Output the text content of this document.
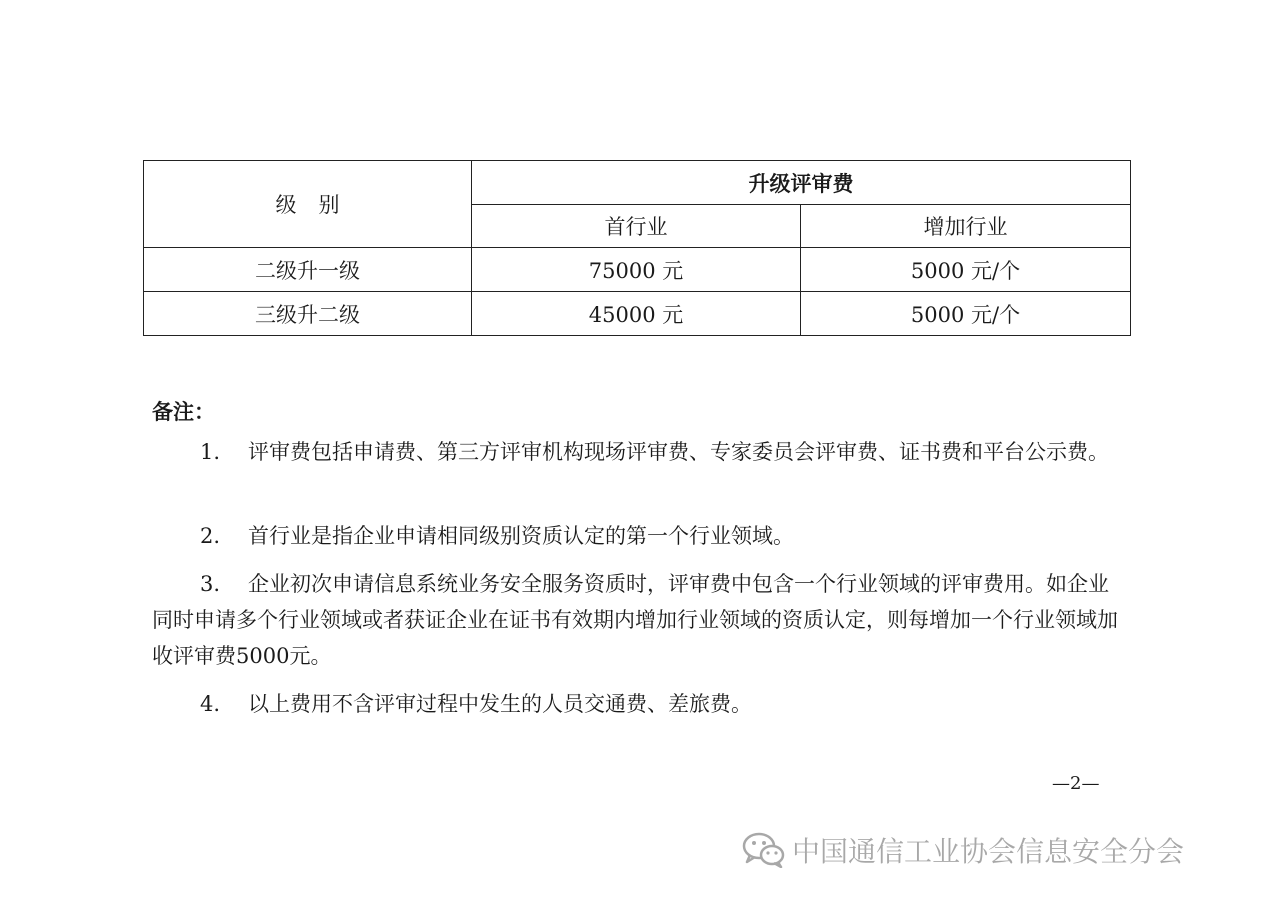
级别	升级评审费	
	首行业	增加行业
二级升一级	75000 元	5000 元/个
三级升二级	45000 元	5000 元/个
备注：
1. 评审费包括申请费、第三方评审机构现场评审费、专家委员会评审费、证书费和平台公示费。
2. 首行业是指企业申请相同级别资质认定的第一个行业领域。
3. 企业初次申请信息系统业务安全服务资质时，评审费中包含一个行业领域的评审费用。如企业同时申请多个行业领域或者获证企业在证书有效期内增加行业领域的资质认定，则每增加一个行业领域加收评审费5000元。
4. 以上费用不含评审过程中发生的人员交通费、差旅费。
—2—
中国通信工业协会信息安全分会
